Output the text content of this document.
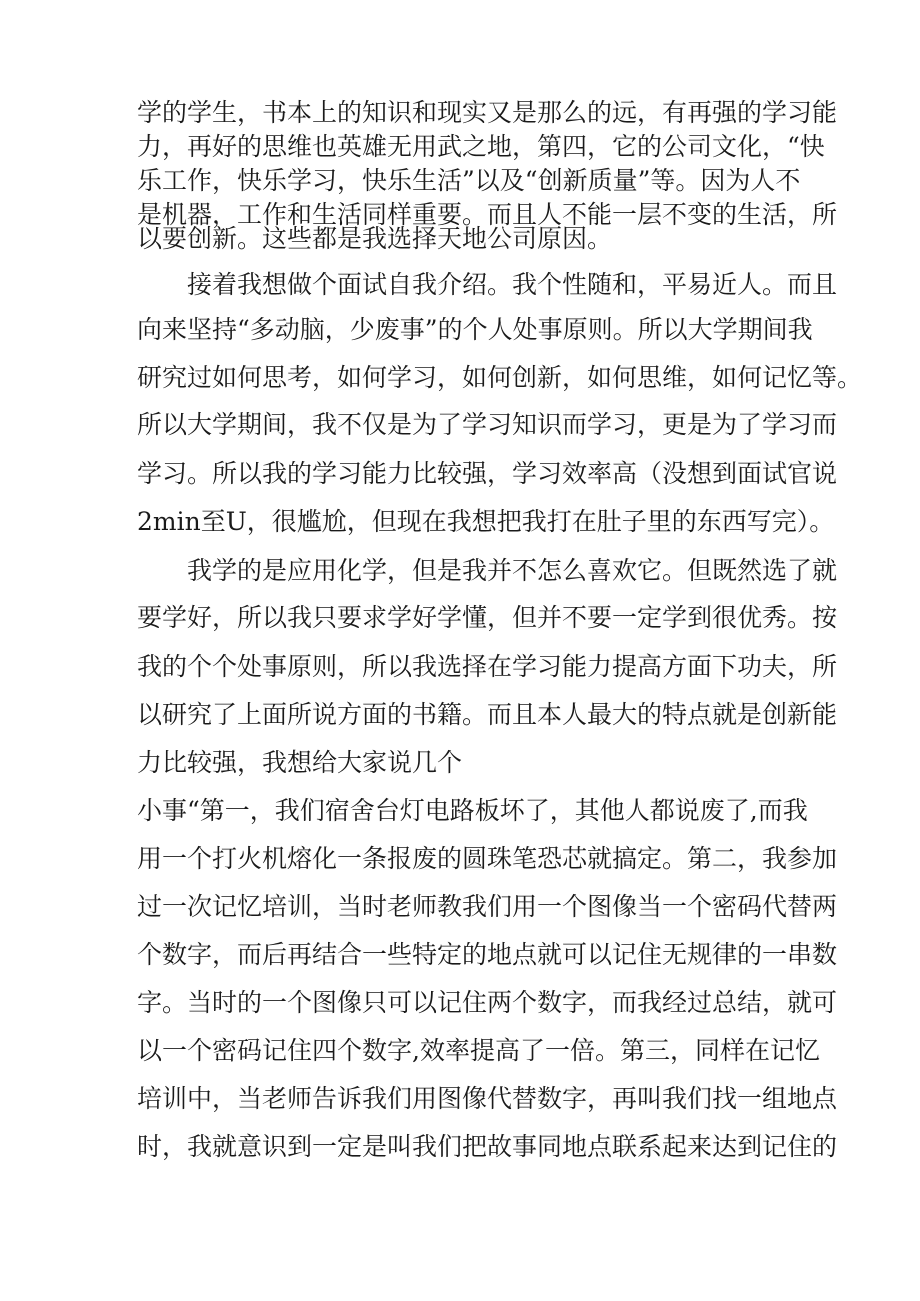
学的学生，书本上的知识和现实又是那么的远，有再强的学习能
力，再好的思维也英雄无用武之地，第四，它的公司文化，“快
乐工作，快乐学习，快乐生活”以及“创新质量”等。因为人不
是机器，工作和生活同样重要。而且人不能一层不变的生活，所
以要创新。这些都是我选择天地公司原因。
接着我想做个面试自我介绍。我个性随和，平易近人。而且
向来坚持“多动脑，少废事”的个人处事原则。所以大学期间我
研究过如何思考，如何学习，如何创新，如何思维，如何记忆等。
所以大学期间，我不仅是为了学习知识而学习，更是为了学习而
学习。所以我的学习能力比较强，学习效率高（没想到面试官说
2min至U，很尴尬，但现在我想把我打在肚子里的东西写完）。
我学的是应用化学，但是我并不怎么喜欢它。但既然选了就
要学好，所以我只要求学好学懂，但并不要一定学到很优秀。按
我的个个处事原则，所以我选择在学习能力提高方面下功夫，所
以研究了上面所说方面的书籍。而且本人最大的特点就是创新能
力比较强，我想给大家说几个
小事“第一，我们宿舍台灯电路板坏了，其他人都说废了,而我
用一个打火机熔化一条报废的圆珠笔恐芯就搞定。第二，我参加
过一次记忆培训，当时老师教我们用一个图像当一个密码代替两
个数字，而后再结合一些特定的地点就可以记住无规律的一串数
字。当时的一个图像只可以记住两个数字，而我经过总结，就可
以一个密码记住四个数字,效率提高了一倍。第三，同样在记忆
培训中，当老师告诉我们用图像代替数字，再叫我们找一组地点
时，我就意识到一定是叫我们把故事同地点联系起来达到记住的
